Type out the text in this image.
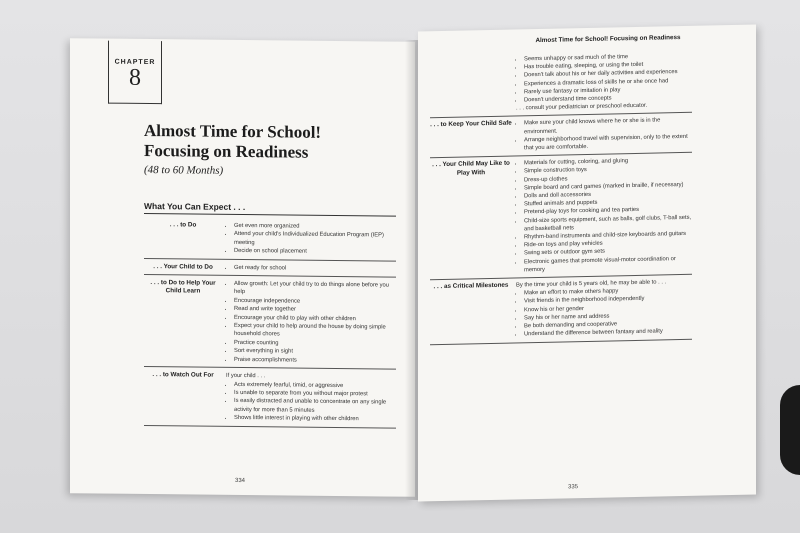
CHAPTER
8
Almost Time for School!
Focusing on Readiness
(48 to 60 Months)
What You Can Expect . . .
. . . to Do	• Get even more organized
• Attend your child's Individualized Education Program (IEP) meeting
• Decide on school placement
. . . Your Child to Do	• Get ready for school
. . . to Do to Help Your Child Learn
• Allow growth: Let your child try to do things alone before you help
• Encourage independence
• Read and write together
• Encourage your child to play with other children
• Expect your child to help around the house by doing simple household chores
• Practice counting
• Sort everything in sight
• Praise accomplishments
. . . to Watch Out For	If your child . . .
• Acts extremely fearful, timid, or aggressive
• Is unable to separate from you without major protest
• Is easily distracted and unable to concentrate on any single activity for more than 5 minutes
• Shows little interest in playing with other children
334
Almost Time for School! Focusing on Readiness
• Seems unhappy or sad much of the time
• Has trouble eating, sleeping, or using the toilet
• Doesn't talk about his or her daily activities and experiences
• Experiences a dramatic loss of skills he or she once had
• Rarely use fantasy or imitation in play
• Doesn't understand time concepts
. . . consult your pediatrician or preschool educator.
. . . to Keep Your Child Safe	• Make sure your child knows where he or she is in the environment.
• Arrange neighborhood travel with supervision, only to the extent that you are comfortable.
. . . Your Child May Like to Play With
• Materials for cutting, coloring, and gluing
• Simple construction toys
• Dress-up clothes
• Simple board and card games (marked in braille, if necessary)
• Dolls and doll accessories
• Stuffed animals and puppets
• Pretend-play toys for cooking and tea parties
• Child-size sports equipment, such as balls, golf clubs, T-ball sets, and basketball nets
• Rhythm-band instruments and child-size keyboards and guitars
• Ride-on toys and play vehicles
• Swing sets or outdoor gym sets
• Electronic games that promote visual-motor coordination or memory
. . . as Critical Milestones	By the time your child is 5 years old, he may be able to . . .
• Make an effort to make others happy
• Visit friends in the neighborhood independently
• Know his or her gender
• Say his or her name and address
• Be both demanding and cooperative
• Understand the difference between fantasy and reality
335
